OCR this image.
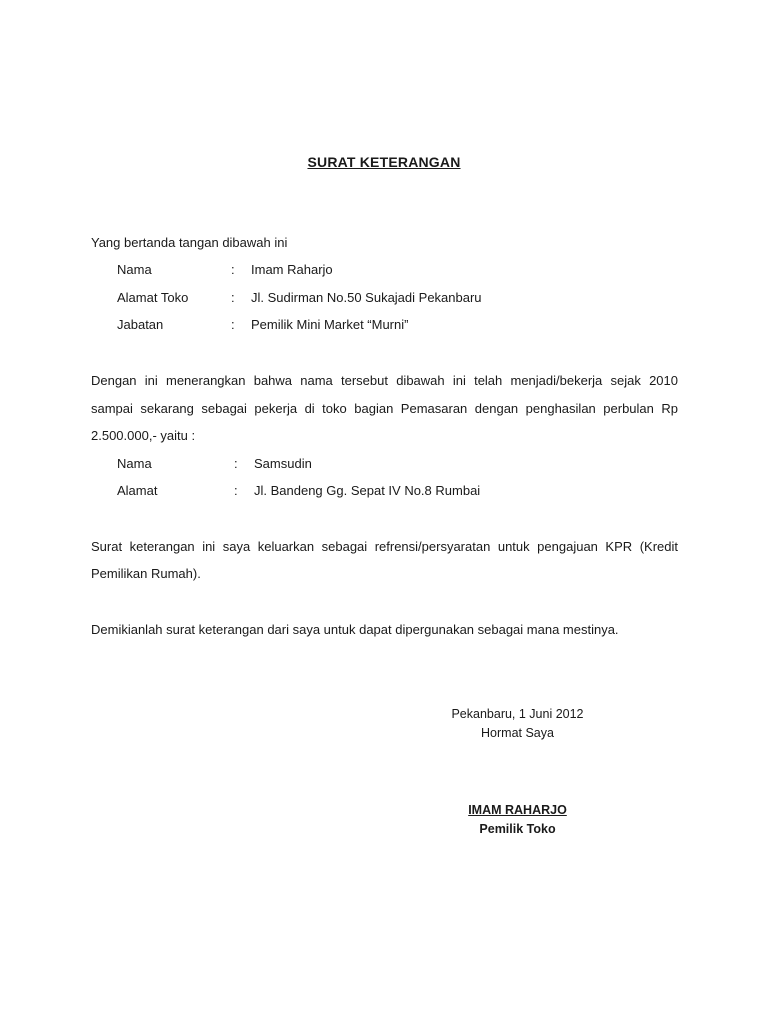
SURAT KETERANGAN
Yang bertanda tangan dibawah ini
Nama	: Imam Raharjo
Alamat Toko	: Jl. Sudirman No.50 Sukajadi Pekanbaru
Jabatan	: Pemilik Mini Market “Murni”
Dengan ini menerangkan bahwa nama tersebut dibawah ini telah menjadi/bekerja sejak 2010
sampai sekarang sebagai pekerja di toko bagian Pemasaran dengan penghasilan perbulan Rp
2.500.000,- yaitu :
Nama	: Samsudin
Alamat	: Jl. Bandeng Gg. Sepat IV No.8 Rumbai
Surat keterangan ini saya keluarkan sebagai refrensi/persyaratan untuk pengajuan KPR (Kredit
Pemilikan Rumah).
Demikianlah surat keterangan dari saya untuk dapat dipergunakan sebagai mana mestinya.
Pekanbaru, 1 Juni 2012
Hormat Saya
IMAM RAHARJO
Pemilik Toko
